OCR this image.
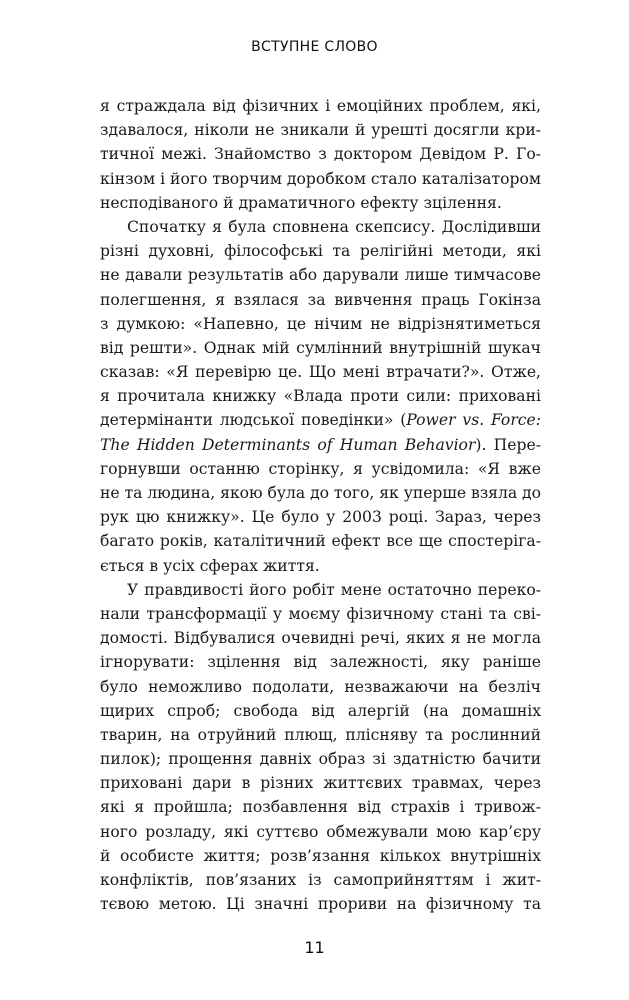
ВСТУПНЕ СЛОВО
я страждала від фізичних і емоційних проблем, які,
здавалося, ніколи не зникали й урешті досягли кри-
тичної межі. Знайомство з доктором Девідом Р. Го-
кінзом і його творчим доробком стало каталізатором
несподіваного й драматичного ефекту зцілення.
Спочатку я була сповнена скепсису. Дослідивши
різні духовні, філософські та релігійні методи, які
не давали результатів або дарували лише тимчасове
полегшення, я взялася за вивчення праць Гокінза
з думкою: «Напевно, це нічим не відрізнятиметься
від решти». Однак мій сумлінний внутрішній шукач
сказав: «Я перевірю це. Що мені втрачати?». Отже,
я прочитала книжку «Влада проти сили: приховані
детермінанти людської поведінки» (Power vs. Force:
The Hidden Determinants of Human Behavior). Пере-
горнувши останню сторінку, я усвідомила: «Я вже
не та людина, якою була до того, як уперше взяла до
рук цю книжку». Це було у 2003 році. Зараз, через
багато років, каталітичний ефект все ще спостеріга-
ється в усіх сферах життя.
У правдивості його робіт мене остаточно переко-
нали трансформації у моєму фізичному стані та сві-
домості. Відбувалися очевидні речі, яких я не могла
ігнорувати: зцілення від залежності, яку раніше
було неможливо подолати, незважаючи на безліч
щирих спроб; свобода від алергій (на домашніх
тварин, на отруйний плющ, плісняву та рослинний
пилок); прощення давніх образ зі здатністю бачити
приховані дари в різних життєвих травмах, через
які я пройшла; позбавлення від страхів і тривож-
ного розладу, які суттєво обмежували мою кар’єру
й особисте життя; розв’язання кількох внутрішніх
конфліктів, пов’язаних із самоприйняттям і жит-
тєвою метою. Ці значні прориви на фізичному та
11
